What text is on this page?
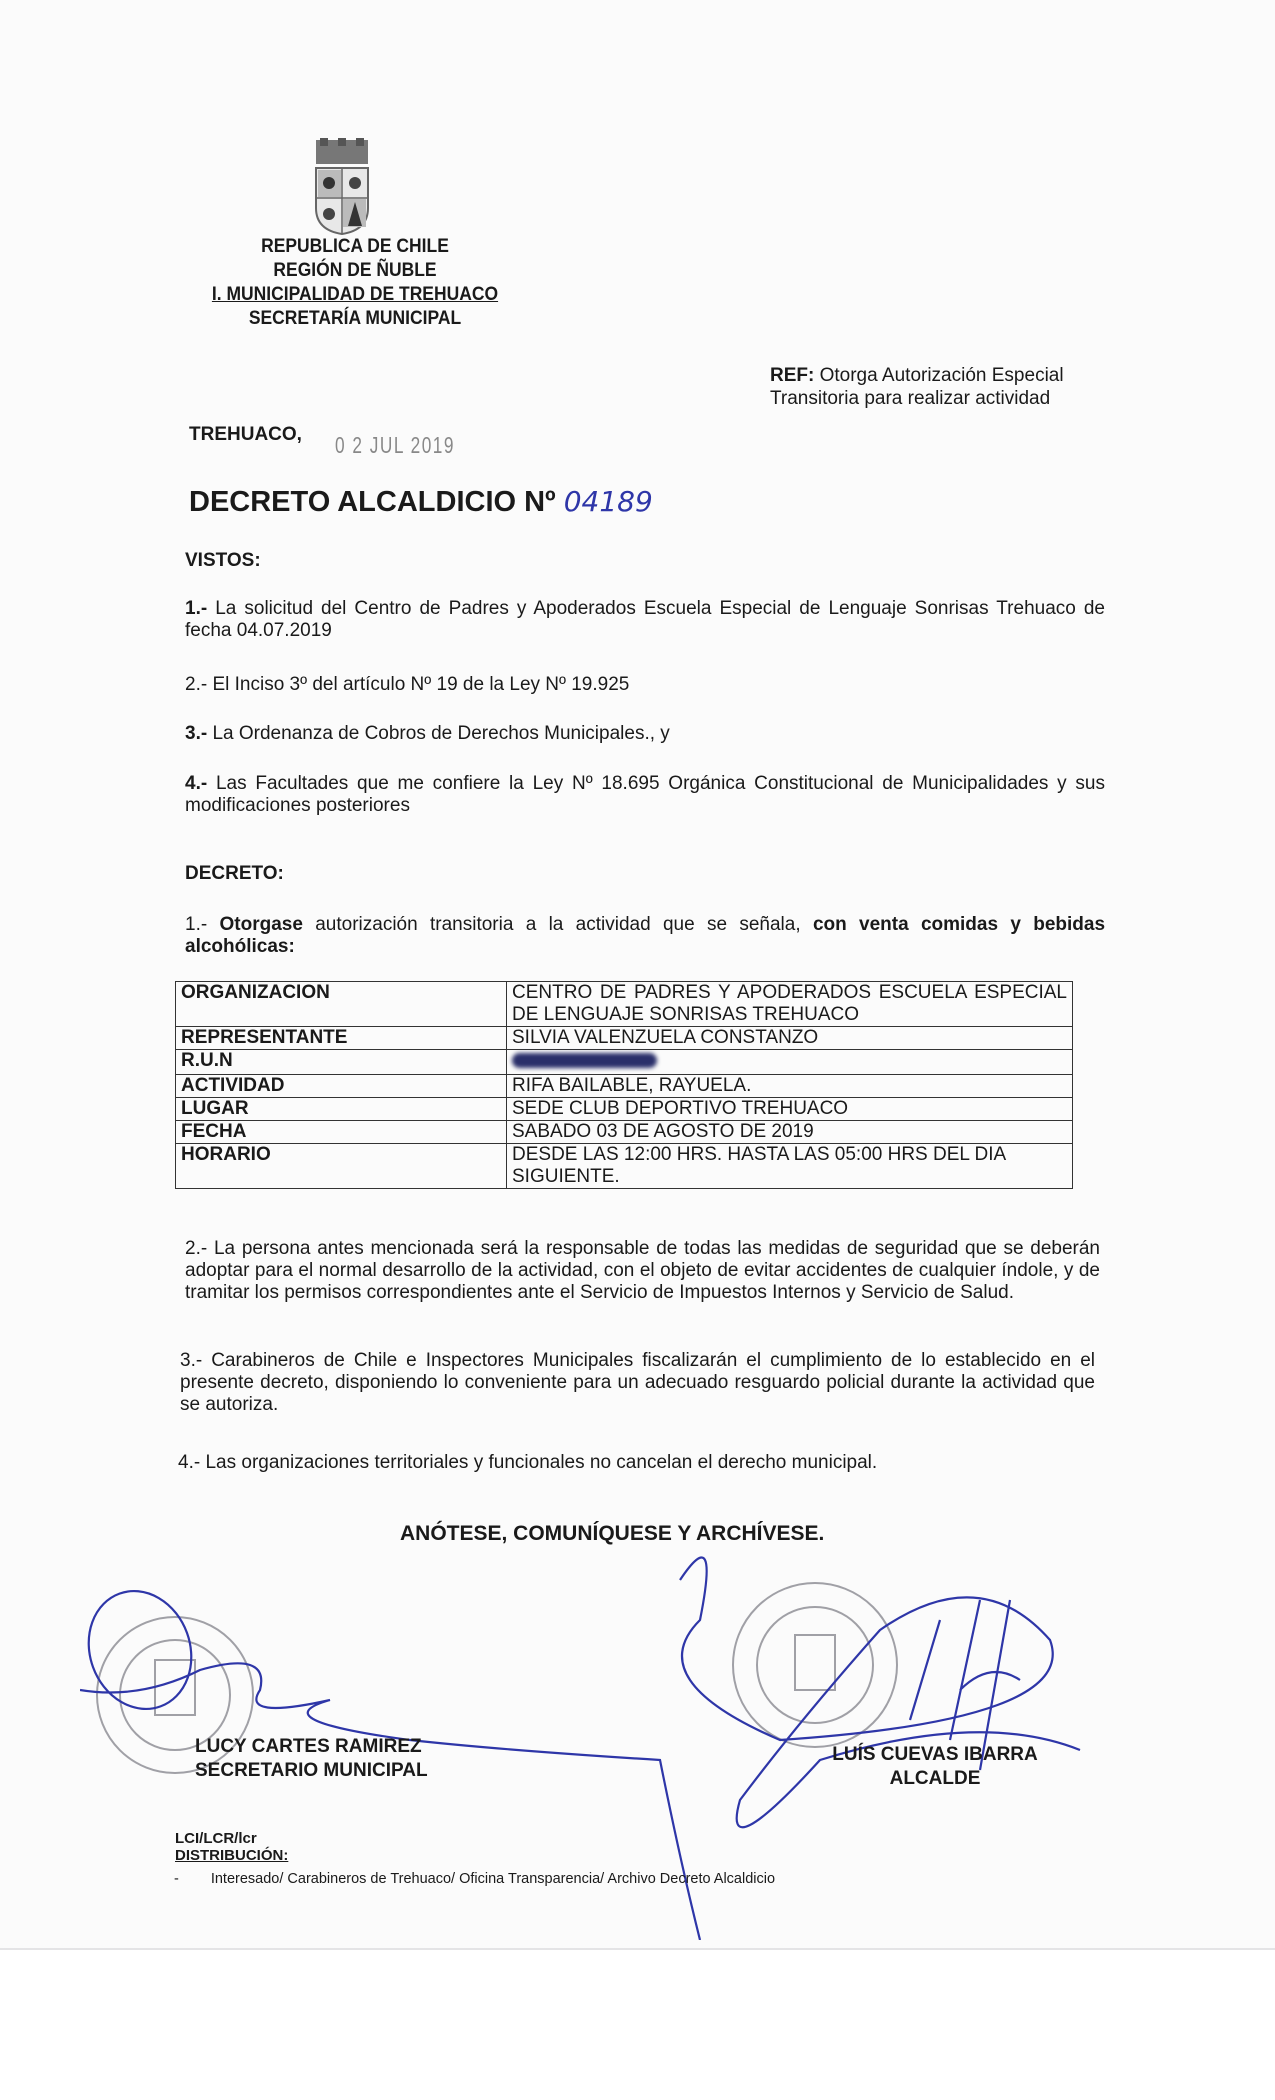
REPUBLICA DE CHILE
REGIÓN DE ÑUBLE
I. MUNICIPALIDAD DE TREHUACO
SECRETARÍA MUNICIPAL
REF: Otorga Autorización Especial
Transitoria para realizar actividad
TREHUACO, 0 2 JUL 2019
DECRETO ALCALDICIO Nº 04189
VISTOS:
1.- La solicitud del Centro de Padres y Apoderados Escuela Especial de Lenguaje Sonrisas Trehuaco de fecha 04.07.2019
2.- El Inciso 3º del artículo Nº 19 de la Ley Nº 19.925
3.- La Ordenanza de Cobros de Derechos Municipales., y
4.- Las Facultades que me confiere la Ley Nº 18.695 Orgánica Constitucional de Municipalidades y sus modificaciones posteriores
DECRETO:
1.- Otorgase autorización transitoria a la actividad que se señala, con venta comidas y bebidas alcohólicas:
ORGANIZACION	CENTRO DE PADRES Y APODERADOS ESCUELA ESPECIAL DE LENGUAJE SONRISAS TREHUACO
REPRESENTANTE	SILVIA VALENZUELA CONSTANZO
R.U.N	
ACTIVIDAD	RIFA BAILABLE, RAYUELA.
LUGAR	SEDE CLUB DEPORTIVO TREHUACO
FECHA	SABADO 03 DE AGOSTO DE 2019
HORARIO	DESDE LAS 12:00 HRS. HASTA LAS 05:00 HRS DEL DIA SIGUIENTE.
2.- La persona antes mencionada será la responsable de todas las medidas de seguridad que se deberán adoptar para el normal desarrollo de la actividad, con el objeto de evitar accidentes de cualquier índole, y de tramitar los permisos correspondientes ante el Servicio de Impuestos Internos y Servicio de Salud.
3.- Carabineros de Chile e Inspectores Municipales fiscalizarán el cumplimiento de lo establecido en el presente decreto, disponiendo lo conveniente para un adecuado resguardo policial durante la actividad que se autoriza.
4.- Las organizaciones territoriales y funcionales no cancelan el derecho municipal.
ANÓTESE, COMUNÍQUESE Y ARCHÍVESE.
LUCY CARTES RAMIREZ
SECRETARIO MUNICIPAL
LUÍS CUEVAS IBARRA
ALCALDE
LCI/LCR/lcr
DISTRIBUCIÓN:
- Interesado/ Carabineros de Trehuaco/ Oficina Transparencia/ Archivo Decreto Alcaldicio
